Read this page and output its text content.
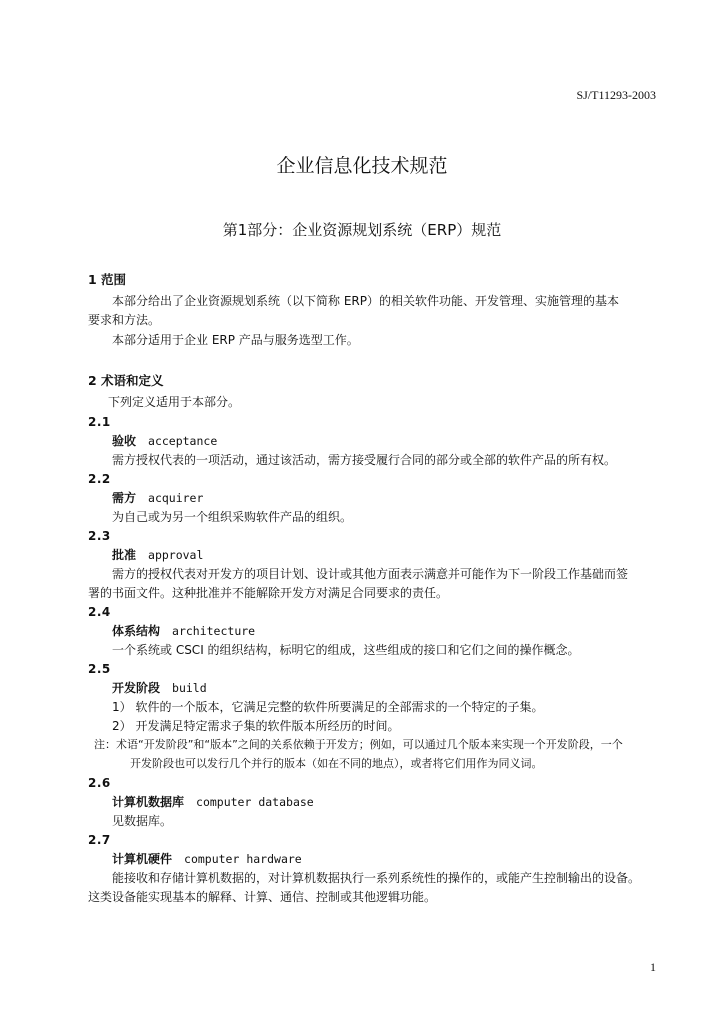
SJ/T11293-2003
企业信息化技术规范
第1部分：企业资源规划系统（ERP）规范
1 范围
本部分给出了企业资源规划系统（以下简称 ERP）的相关软件功能、开发管理、实施管理的基本
要求和方法。
本部分适用于企业 ERP 产品与服务选型工作。
2 术语和定义
下列定义适用于本部分。
2.1
验收 acceptance
需方授权代表的一项活动，通过该活动，需方接受履行合同的部分或全部的软件产品的所有权。
2.2
需方 acquirer
为自己或为另一个组织采购软件产品的组织。
2.3
批准 approval
需方的授权代表对开发方的项目计划、设计或其他方面表示满意并可能作为下一阶段工作基础而签
署的书面文件。这种批准并不能解除开发方对满足合同要求的责任。
2.4
体系结构 architecture
一个系统或 CSCI 的组织结构，标明它的组成，这些组成的接口和它们之间的操作概念。
2.5
开发阶段 build
1） 软件的一个版本，它满足完整的软件所要满足的全部需求的一个特定的子集。
2） 开发满足特定需求子集的软件版本所经历的时间。
注：术语“开发阶段”和“版本”之间的关系依赖于开发方；例如，可以通过几个版本来实现一个开发阶段，一个
开发阶段也可以发行几个并行的版本（如在不同的地点），或者将它们用作为同义词。
2.6
计算机数据库 computer database
见数据库。
2.7
计算机硬件 computer hardware
能接收和存储计算机数据的，对计算机数据执行一系列系统性的操作的，或能产生控制输出的设备。
这类设备能实现基本的解释、计算、通信、控制或其他逻辑功能。
1
